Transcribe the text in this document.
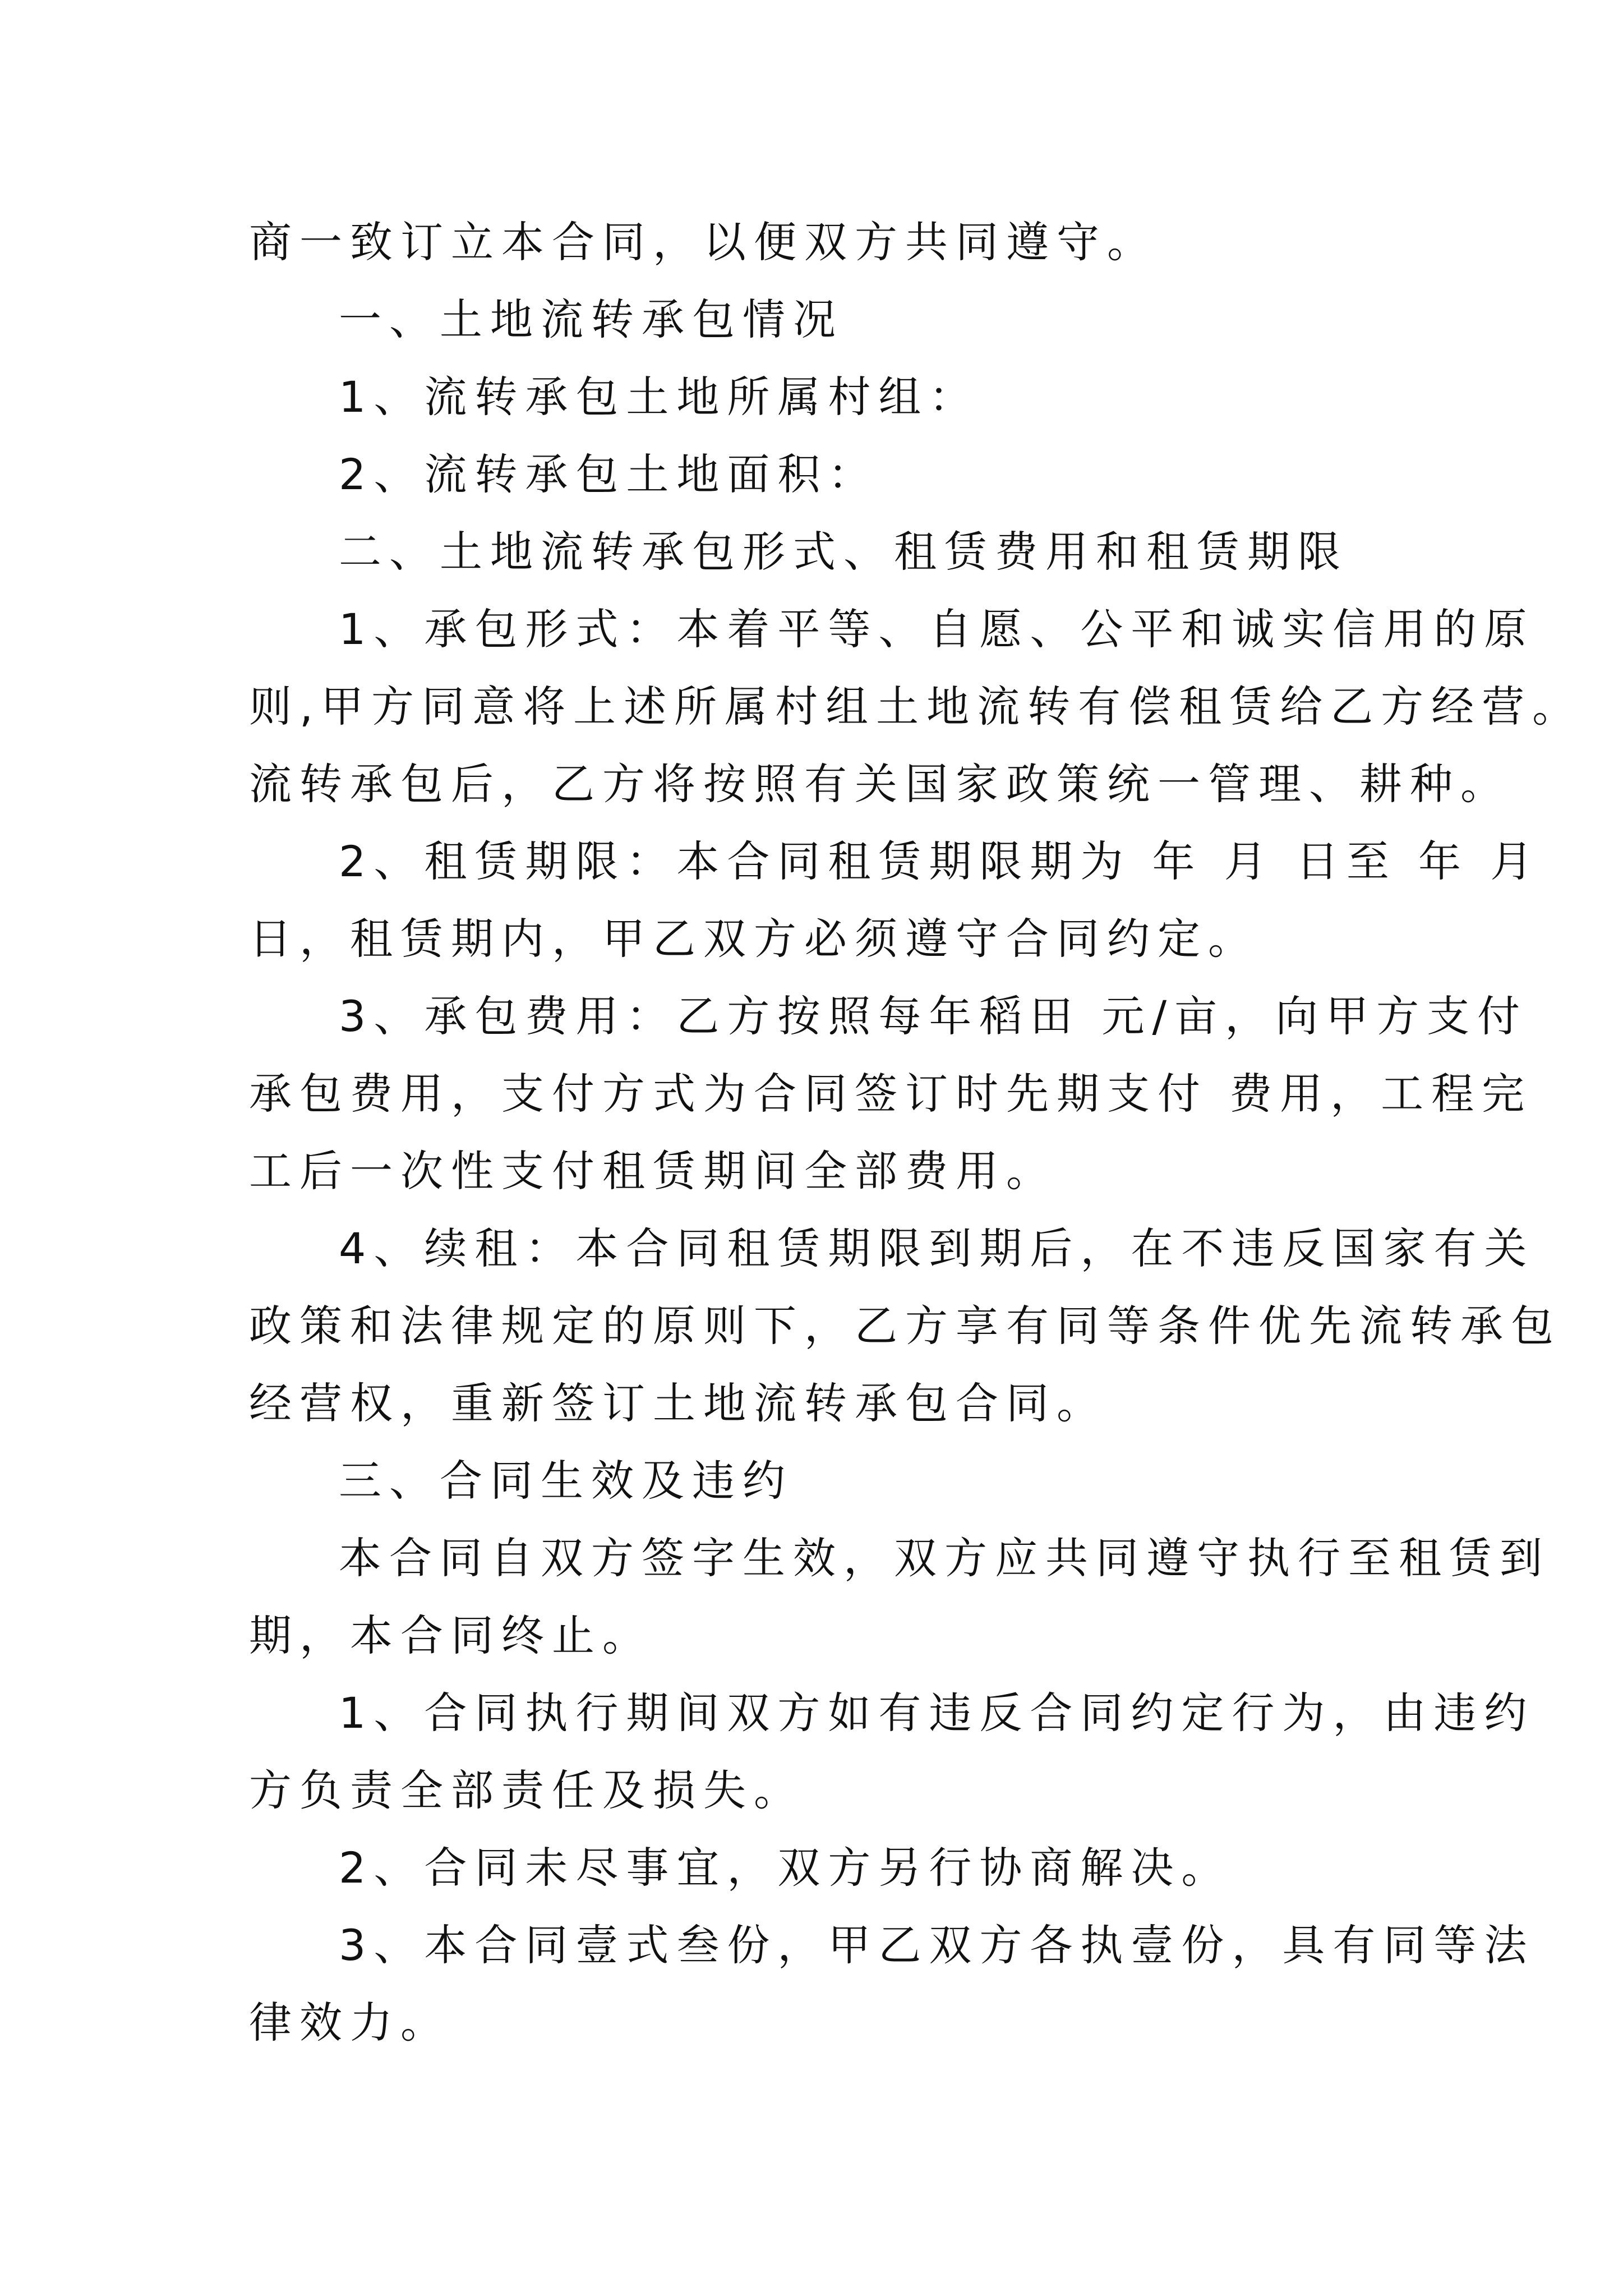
商一致订立本合同，以便双方共同遵守。
一、土地流转承包情况
1、流转承包土地所属村组：
2、流转承包土地面积：
二、土地流转承包形式、租赁费用和租赁期限
1、承包形式：本着平等、自愿、公平和诚实信用的原
则,甲方同意将上述所属村组土地流转有偿租赁给乙方经营。
流转承包后，乙方将按照有关国家政策统一管理、耕种。
2、租赁期限：本合同租赁期限期为 年 月 日至 年 月
日，租赁期内，甲乙双方必须遵守合同约定。
3、承包费用：乙方按照每年稻田 元/亩，向甲方支付
承包费用，支付方式为合同签订时先期支付 费用，工程完
工后一次性支付租赁期间全部费用。
4、续租：本合同租赁期限到期后，在不违反国家有关
政策和法律规定的原则下，乙方享有同等条件优先流转承包
经营权，重新签订土地流转承包合同。
三、合同生效及违约
本合同自双方签字生效，双方应共同遵守执行至租赁到
期，本合同终止。
1、合同执行期间双方如有违反合同约定行为，由违约
方负责全部责任及损失。
2、合同未尽事宜，双方另行协商解决。
3、本合同壹式叁份，甲乙双方各执壹份，具有同等法
律效力。
